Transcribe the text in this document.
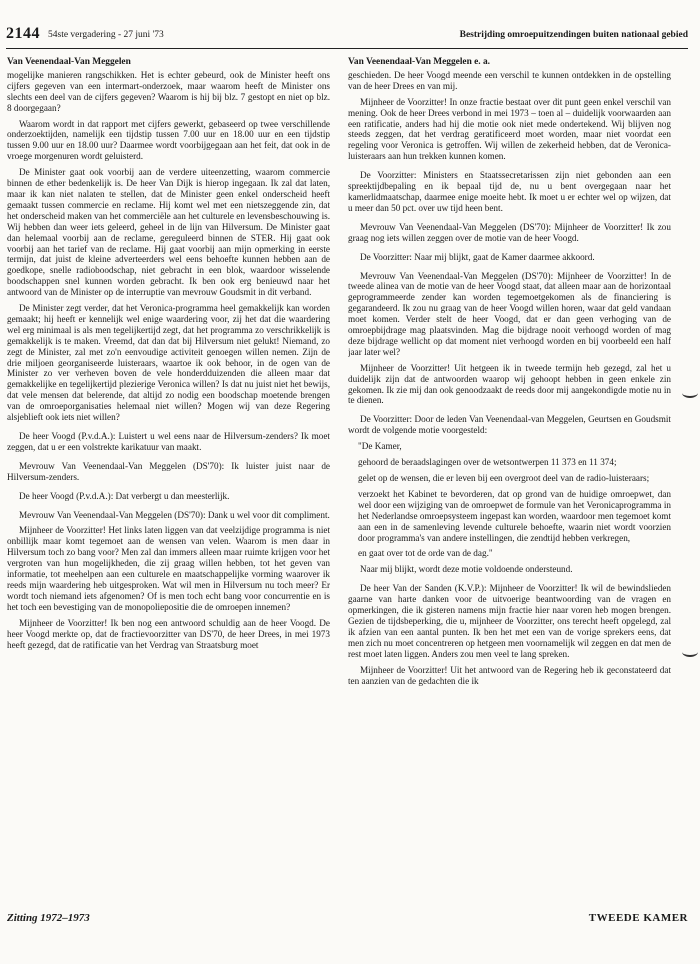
2144 54ste vergadering - 27 juni '73	Bestrijding omroepuitzendingen buiten nationaal gebied

Van Veenendaal-Van Meggelen

mogelijke manieren rangschikken. Het is echter gebeurd, ook de Minister heeft ons cijfers gegeven van een intermart-onderzoek, maar waarom heeft de Minister ons slechts een deel van de cijfers gegeven? Waarom is hij bij blz. 7 gestopt en niet op blz. 8 doorgegaan?

Waarom wordt in dat rapport met cijfers gewerkt, gebaseerd op twee verschillende onderzoektijden, namelijk een tijdstip tussen 7.00 uur en 18.00 uur en een tijdstip tussen 9.00 uur en 18.00 uur? Daarmee wordt voorbijgegaan aan het feit, dat ook in de vroege morgenuren wordt geluisterd.

De Minister gaat ook voorbij aan de verdere uiteenzetting, waarom commercie binnen de ether bedenkelijk is. De heer Van Dijk is hierop ingegaan. Ik zal dat laten, maar ik kan niet nalaten te stellen, dat de Minister geen enkel onderscheid heeft gemaakt tussen commercie en reclame. Hij komt wel met een nietszeggende zin, dat het onderscheid maken van het commerciële aan het culturele en levensbeschouwing is. Wij hebben dan weer iets geleerd, geheel in de lijn van Hilversum. De Minister gaat dan helemaal voorbij aan de reclame, gereguleerd binnen de STER. Hij gaat ook voorbij aan het tarief van de reclame. Hij gaat voorbij aan mijn opmerking in eerste termijn, dat juist de kleine adverteerders wel eens behoefte kunnen hebben aan de goedkope, snelle radioboodschap, niet gebracht in een blok, waardoor wisselende boodschappen snel kunnen worden gebracht. Ik ben ook erg benieuwd naar het antwoord van de Minister op de interruptie van mevrouw Goudsmit in dit verband.

De Minister zegt verder, dat het Veronica-programma heel gemakkelijk kan worden gemaakt; hij heeft er kennelijk wel enige waardering voor, zij het dat die waardering wel erg minimaal is als men tegelijkertijd zegt, dat het programma zo verschrikkelijk is gemakkelijk is te maken. Vreemd, dat dan dat bij Hilversum niet gelukt! Niemand, zo zegt de Minister, zal met zo'n eenvoudige activiteit genoegen willen nemen. Zijn de drie miljoen georganiseerde luisteraars, waartoe ik ook behoor, in de ogen van de Minister zo ver verheven boven de vele honderdduizenden die alleen maar dat gemakkelijke en tegelijkertijd plezierige Veronica willen? Is dat nu juist niet het bewijs, dat vele mensen dat belerende, dat altijd zo nodig een boodschap moetende brengen van de omroeporganisaties helemaal niet willen? Mogen wij van deze Regering alsjeblieft ook iets niet willen?

De heer Voogd (P.v.d.A.): Luistert u wel eens naar de Hilversum-zenders? Ik moet zeggen, dat u er een volstrekte karikatuur van maakt.

Mevrouw Van Veenendaal-Van Meggelen (DS'70): Ik luister juist naar de Hilversum-zenders.

De heer Voogd (P.v.d.A.): Dat verbergt u dan meesterlijk.

Mevrouw Van Veenendaal-Van Meggelen (DS'70): Dank u wel voor dit compliment.

Mijnheer de Voorzitter! Het links laten liggen van dat veelzijdige programma is niet onbillijk maar komt tegemoet aan de wensen van velen. Waarom is men daar in Hilversum toch zo bang voor? Men zal dan immers alleen maar ruimte krijgen voor het vergroten van hun mogelijkheden, die zij graag willen hebben, tot het geven van informatie, tot meehelpen aan een culturele en maatschappelijke vorming waarover ik reeds mijn waardering heb uitgesproken. Wat wil men in Hilversum nu toch meer? Er wordt toch niemand iets afgenomen? Of is men toch echt bang voor concurrentie en is het toch een bevestiging van de monopoliepositie die de omroepen innemen?

Mijnheer de Voorzitter! Ik ben nog een antwoord schuldig aan de heer Voogd. De heer Voogd merkte op, dat de fractievoorzitter van DS'70, de heer Drees, in mei 1973 heeft gezegd, dat de ratificatie van het Verdrag van Straatsburg moet

Van Veenendaal-Van Meggelen e. a.

geschieden. De heer Voogd meende een verschil te kunnen ontdekken in de opstelling van de heer Drees en van mij.

Mijnheer de Voorzitter! In onze fractie bestaat over dit punt geen enkel verschil van mening. Ook de heer Drees verbond in mei 1973 – toen al – duidelijk voorwaarden aan een ratificatie, anders had hij die motie ook niet mede ondertekend. Wij blijven nog steeds zeggen, dat het verdrag geratificeerd moet worden, maar niet voordat een regeling voor Veronica is getroffen. Wij willen de zekerheid hebben, dat de Veronica-luisteraars aan hun trekken kunnen komen.

De Voorzitter: Ministers en Staatssecretarissen zijn niet gebonden aan een spreektijdbepaling en ik bepaal tijd de, nu u bent overgegaan naar het kamerlidmaatschap, daarmee enige moeite hebt. Ik moet u er echter wel op wijzen, dat u meer dan 50 pct. over uw tijd heen bent.

Mevrouw Van Veenendaal-Van Meggelen (DS'70): Mijnheer de Voorzitter! Ik zou graag nog iets willen zeggen over de motie van de heer Voogd.

De Voorzitter: Naar mij blijkt, gaat de Kamer daarmee akkoord.

Mevrouw Van Veenendaal-Van Meggelen (DS'70): Mijnheer de Voorzitter! In de tweede alinea van de motie van de heer Voogd staat, dat alleen maar aan de horizontaal geprogrammeerde zender kan worden tegemoetgekomen als de financiering is gegarandeerd. Ik zou nu graag van de heer Voogd willen horen, waar dat geld vandaan moet komen. Verder stelt de heer Voogd, dat er dan geen verhoging van de omroepbijdrage mag plaatsvinden. Mag die bijdrage nooit verhoogd worden of mag deze bijdrage wellicht op dat moment niet verhoogd worden en bij voorbeeld een half jaar later wel?

Mijnheer de Voorzitter! Uit hetgeen ik in tweede termijn heb gezegd, zal het u duidelijk zijn dat de antwoorden waarop wij gehoopt hebben in geen enkele zin gekomen. Ik zie mij dan ook genoodzaakt de reeds door mij aangekondigde motie nu in te dienen.

De Voorzitter: Door de leden Van Veenendaal-van Meggelen, Geurtsen en Goudsmit wordt de volgende motie voorgesteld:

"De Kamer,

gehoord de beraadslagingen over de wetsontwerpen 11 373 en 11 374;

gelet op de wensen, die er leven bij een overgroot deel van de radio-luisteraars;

verzoekt het Kabinet te bevorderen, dat op grond van de huidige omroepwet, dan wel door een wijziging van de omroepwet de formule van het Veronicaprogramma in het Nederlandse omroepsysteem ingepast kan worden, waardoor men tegemoet komt aan een in de samenleving levende culturele behoefte, waarin niet wordt voorzien door programma's van andere instellingen, die zendtijd hebben verkregen,

en gaat over tot de orde van de dag."

Naar mij blijkt, wordt deze motie voldoende ondersteund.

De heer Van der Sanden (K.V.P.): Mijnheer de Voorzitter! Ik wil de bewindslieden gaarne van harte danken voor de uitvoerige beantwoording van de vragen en opmerkingen, die ik gisteren namens mijn fractie hier naar voren heb mogen brengen. Gezien de tijdsbeperking, die u, mijnheer de Voorzitter, ons terecht heeft opgelegd, zal ik afzien van een aantal punten. Ik ben het met een van de vorige sprekers eens, dat men zich nu moet concentreren op hetgeen men voornamelijk wil zeggen en dat men de rest moet laten liggen. Anders zou men veel te lang spreken.

Mijnheer de Voorzitter! Uit het antwoord van de Regering heb ik geconstateerd dat ten aanzien van de gedachten die ik

Zitting 1972–1973	TWEEDE KAMER
